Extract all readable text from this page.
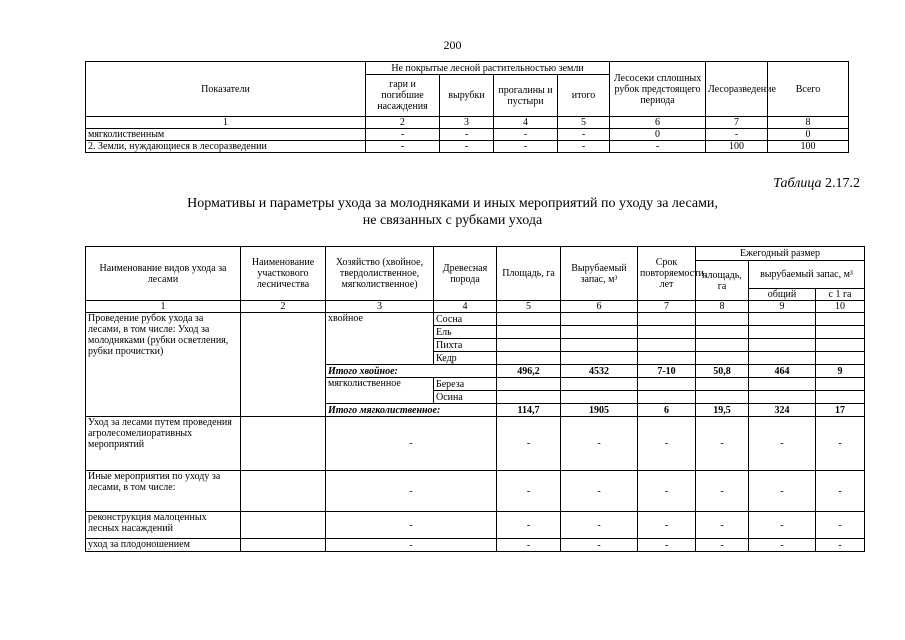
200
Показатели	Не покрытые лесной растительностью земли				Лесосеки сплошных рубок предстоящего периода	Лесоразведение	Всего
	гари и погибшие насаждения	вырубки	прогалины и пустыри	итого			
1	2	3	4	5	6	7	8
мягколиственным	-	-	-	-	0	-	0
2. Земли, нуждающиеся в лесоразведении	-	-	-	-	-	100	100
Таблица 2.17.2
Нормативы и параметры ухода за молодняками и иных мероприятий по уходу за лесами,
не связанных с рубками ухода
Наименование видов ухода за лесами	Наименование участкового лесничества	Хозяйство (хвойное, твердолиственное, мягколиственное)	Древесная порода	Площадь, га	Вырубаемый запас, м³	Срок повторяемости, лет	Ежегодный размер		
							площадь, га	вырубаемый запас, м³	
								общий	с 1 га
1	2	3	4	5	6	7	8	9	10
Проведение рубок ухода за лесами, в том числе: Уход за молодняками (рубки осветления, рубки прочистки)		хвойное	Сосна						
			Ель						
			Пихта						
			Кедр						
		Итого хвойное:		496,2	4532	7-10	50,8	464	9
		мягколиственное	Береза						
			Осина						
		Итого мягколиственное:		114,7	1905	6	19,5	324	17

Уход за лесами путем проведения агролесомелиоративных мероприятий		-		-	-	-	-	-	-
Иные мероприятия по уходу за лесами, в том числе:		-		-	-	-	-	-	-
реконструкция малоценных лесных насаждений		-		-	-	-	-	-	-
уход за плодоношением		-		-	-	-	-	-	-
